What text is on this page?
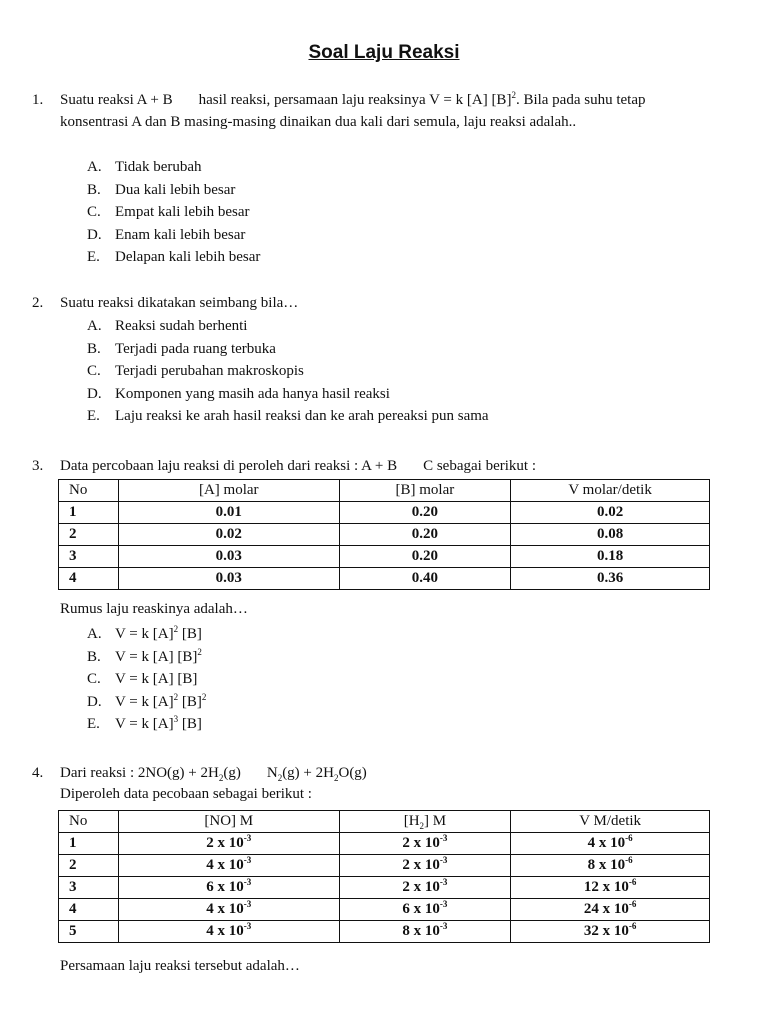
Soal Laju Reaksi
1. Suatu reaksi A + B hasil reaksi, persamaan laju reaksinya V = k [A] $[B]^2$. Bila pada suhu tetap konsentrasi A dan B masing-masing dinaikan dua kali dari semula, laju reaksi adalah..
A. Tidak berubah
B. Dua kali lebih besar
C. Empat kali lebih besar
D. Enam kali lebih besar
E. Delapan kali lebih besar
2. Suatu reaksi dikatakan seimbang bila…
A. Reaksi sudah berhenti
B. Terjadi pada ruang terbuka
C. Terjadi perubahan makroskopis
D. Komponen yang masih ada hanya hasil reaksi
E. Laju reaksi ke arah hasil reaksi dan ke arah pereaksi pun sama
3. Data percobaan laju reaksi di peroleh dari reaksi : A + B C sebagai berikut :
No	[A] molar	[B] molar	V molar/detik
1	0.01	0.20	0.02
2	0.02	0.20	0.08
3	0.03	0.20	0.18
4	0.03	0.40	0.36
Rumus laju reaskinya adalah…
A. V = k $[A]^2$ [B]
B. V = k [A] $[B]^2$
C. V = k [A] [B]
D. V = k $[A]^2$ $[B]^2$
E. V = k $[A]^3$ [B]
4. Dari reaksi : $2NO(g) + 2H_2(g) N_2(g) + 2H_2O(g)$
Diperoleh data pecobaan sebagai berikut :
No	[NO] M	$[H_2]$ M	V M/detik
1	2 x $10^{-3}$	2 x $10^{-3}$	4 x $10^{-6}$
2	4 x $10^{-3}$	2 x $10^{-3}$	8 x $10^{-6}$
3	6 x $10^{-3}$	2 x $10^{-3}$	12 x $10^{-6}$
4	4 x $10^{-3}$	6 x $10^{-3}$	24 x $10^{-6}$
5	4 x $10^{-3}$	8 x $10^{-3}$	32 x $10^{-6}$
Persamaan laju reaksi tersebut adalah…
